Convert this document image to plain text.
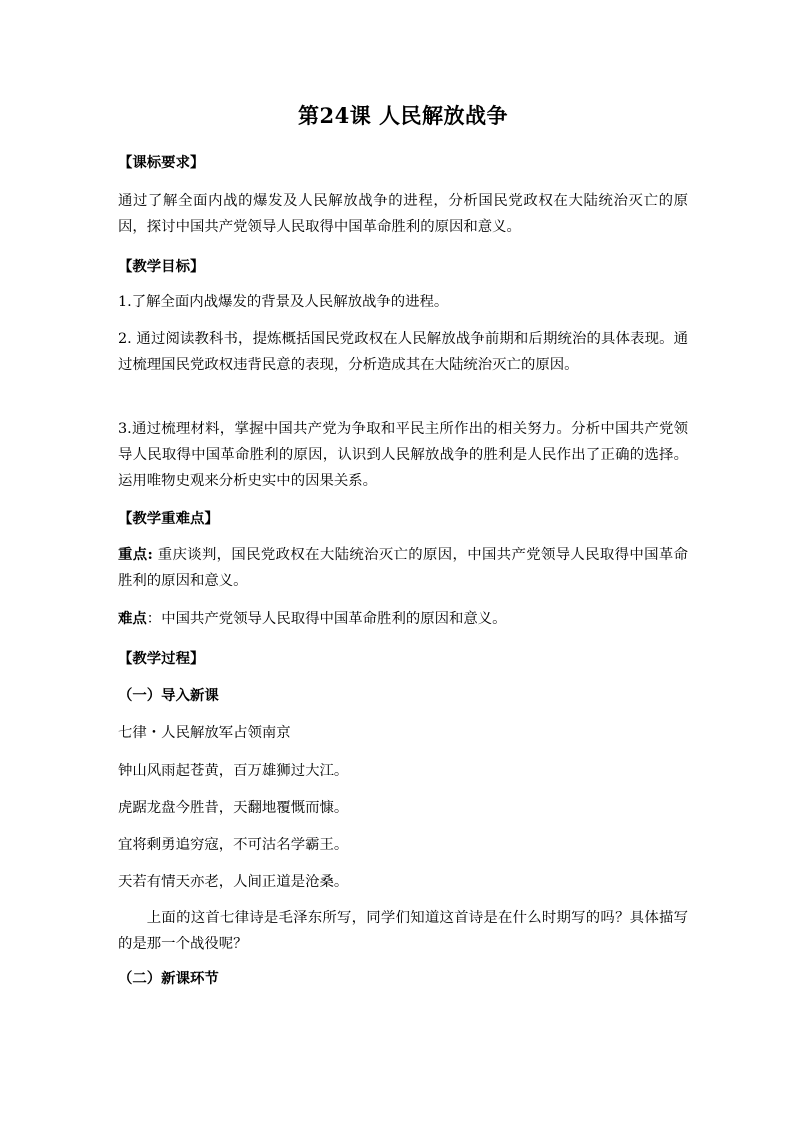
第24课 人民解放战争
【课标要求】
通过了解全面内战的爆发及人民解放战争的进程，分析国民党政权在大陆统治灭亡的原因，探讨中国共产党领导人民取得中国革命胜利的原因和意义。
【教学目标】
1.了解全面内战爆发的背景及人民解放战争的进程。
2. 通过阅读教科书，提炼概括国民党政权在人民解放战争前期和后期统治的具体表现。通过梳理国民党政权违背民意的表现，分析造成其在大陆统治灭亡的原因。
3.通过梳理材料，掌握中国共产党为争取和平民主所作出的相关努力。分析中国共产党领导人民取得中国革命胜利的原因，认识到人民解放战争的胜利是人民作出了正确的选择。运用唯物史观来分析史实中的因果关系。
【教学重难点】
重点: 重庆谈判，国民党政权在大陆统治灭亡的原因，中国共产党领导人民取得中国革命胜利的原因和意义。
难点：中国共产党领导人民取得中国革命胜利的原因和意义。
【教学过程】
（一）导入新课
七律・人民解放军占领南京
钟山风雨起苍黄，百万雄狮过大江。
虎踞龙盘今胜昔，天翻地覆慨而慷。
宜将剩勇追穷寇，不可沽名学霸王。
天若有情天亦老，人间正道是沧桑。
上面的这首七律诗是毛泽东所写，同学们知道这首诗是在什么时期写的吗？具体描写的是那一个战役呢？
（二）新课环节
